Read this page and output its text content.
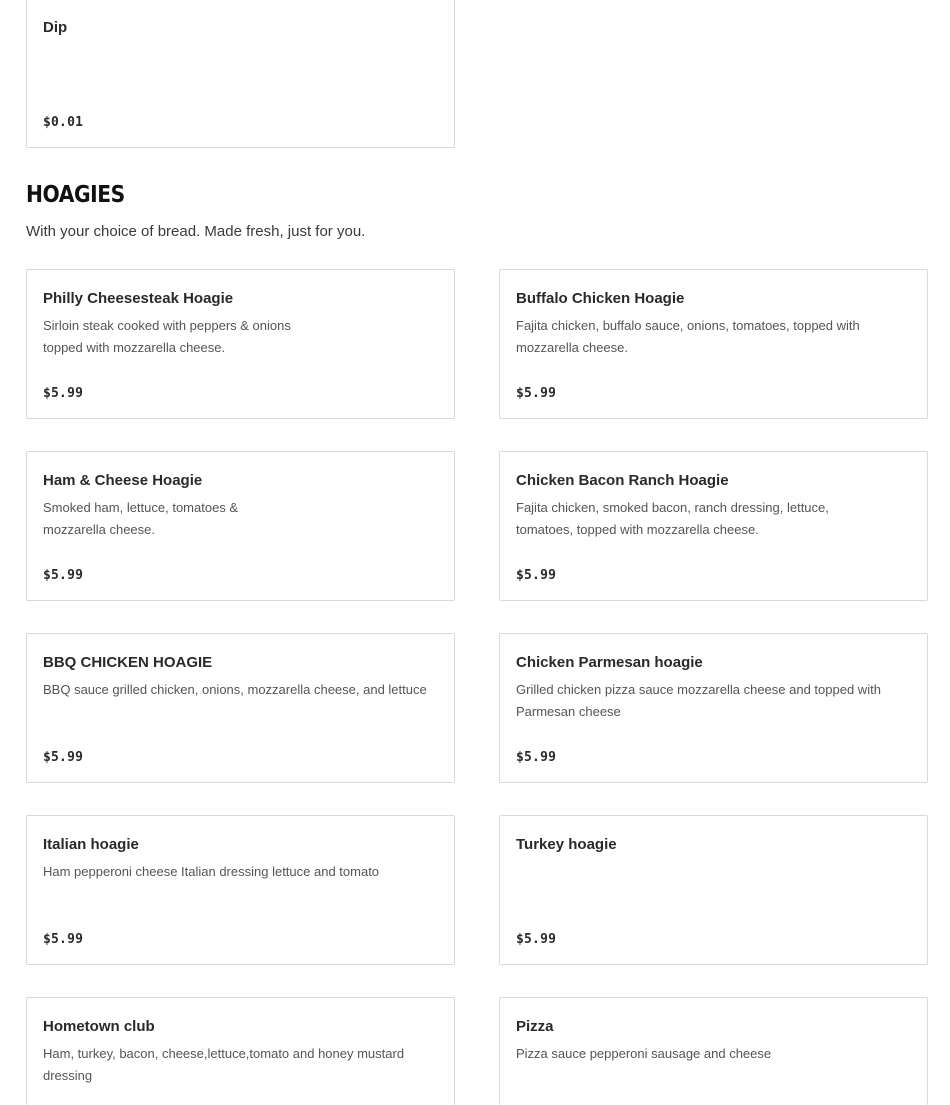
Dip
$0.01
HOAGIES
With your choice of bread. Made fresh, just for you.
Philly Cheesesteak Hoagie
Sirloin steak cooked with peppers & onions topped with mozzarella cheese.
$5.99
Buffalo Chicken Hoagie
Fajita chicken, buffalo sauce, onions, tomatoes, topped with mozzarella cheese.
$5.99
Ham & Cheese Hoagie
Smoked ham, lettuce, tomatoes & mozzarella cheese.
$5.99
Chicken Bacon Ranch Hoagie
Fajita chicken, smoked bacon, ranch dressing, lettuce, tomatoes, topped with mozzarella cheese.
$5.99
BBQ CHICKEN HOAGIE
BBQ sauce grilled chicken, onions, mozzarella cheese, and lettuce
$5.99
Chicken Parmesan hoagie
Grilled chicken pizza sauce mozzarella cheese and topped with Parmesan cheese
$5.99
Italian hoagie
Ham pepperoni cheese Italian dressing lettuce and tomato
$5.99
Turkey hoagie
$5.99
Hometown club
Ham, turkey, bacon, cheese,lettuce,tomato and honey mustard dressing
Pizza
Pizza sauce pepperoni sausage and cheese
